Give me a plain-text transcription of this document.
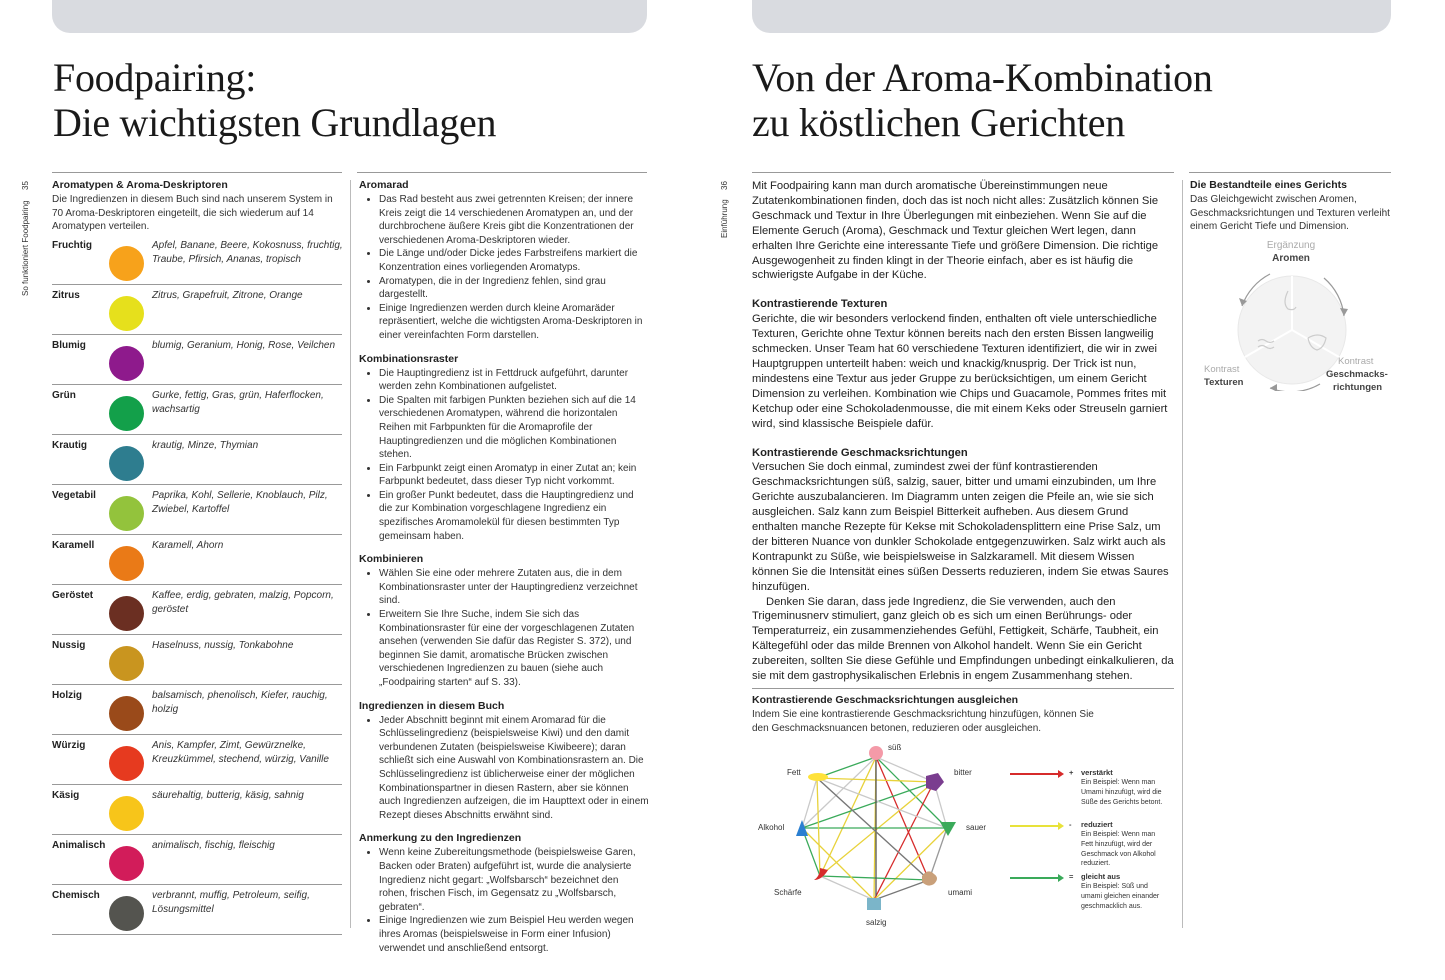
Foodpairing:
Die wichtigsten Grundlagen
35
So funktioniert Foodpairing
Aromatypen & Aroma-Deskriptoren
Die Ingredienzen in diesem Buch sind nach unserem System in 70 Aroma-Deskriptoren eingeteilt, die sich wiederum auf 14 Aromatypen verteilen.
Fruchtig	Apfel, Banane, Beere, Kokosnuss, fruchtig, Traube, Pfirsich, Ananas, tropisch
Zitrus	Zitrus, Grapefruit, Zitrone, Orange
Blumig	blumig, Geranium, Honig, Rose, Veilchen
Grün	Gurke, fettig, Gras, grün, Haferflocken, wachsartig
Krautig	krautig, Minze, Thymian
Vegetabil	Paprika, Kohl, Sellerie, Knoblauch, Pilz, Zwiebel, Kartoffel
Karamell	Karamell, Ahorn
Geröstet	Kaffee, erdig, gebraten, malzig, Popcorn, geröstet
Nussig	Haselnuss, nussig, Tonkabohne
Holzig	balsamisch, phenolisch, Kiefer, rauchig, holzig
Würzig	Anis, Kampfer, Zimt, Gewürznelke, Kreuzkümmel, stechend, würzig, Vanille
Käsig	säurehaltig, butterig, käsig, sahnig
Animalisch	animalisch, fischig, fleischig
Chemisch	verbrannt, muffig, Petroleum, seifig, Lösungsmittel
Aromarad
• Das Rad besteht aus zwei getrennten Kreisen; der innere Kreis zeigt die 14 verschiedenen Aromatypen an, und der durchbrochene äußere Kreis gibt die Konzentrationen der verschiedenen Aroma-Deskriptoren wieder.
• Die Länge und/oder Dicke jedes Farbstreifens markiert die Konzentration eines vorliegenden Aromatyps.
• Aromatypen, die in der Ingredienz fehlen, sind grau dargestellt.
• Einige Ingredienzen werden durch kleine Aromaräder repräsentiert, welche die wichtigsten Aroma-Deskriptoren in einer vereinfachten Form darstellen.
Kombinationsraster
• Die Hauptingredienz ist in Fettdruck aufgeführt, darunter werden zehn Kombinationen aufgelistet.
• Die Spalten mit farbigen Punkten beziehen sich auf die 14 verschiedenen Aromatypen, während die horizontalen Reihen mit Farbpunkten für die Aromaprofile der Hauptingredienzen und die möglichen Kombinationen stehen.
• Ein Farbpunkt zeigt einen Aromatyp in einer Zutat an; kein Farbpunkt bedeutet, dass dieser Typ nicht vorkommt.
• Ein großer Punkt bedeutet, dass die Hauptingredienz und die zur Kombination vorgeschlagene Ingredienz ein spezifisches Aromamolekül für diesen bestimmten Typ gemeinsam haben.
Kombinieren
• Wählen Sie eine oder mehrere Zutaten aus, die in dem Kombinationsraster unter der Hauptingredienz verzeichnet sind.
• Erweitern Sie Ihre Suche, indem Sie sich das Kombinationsraster für eine der vorgeschlagenen Zutaten ansehen (verwenden Sie dafür das Register S. 372), und beginnen Sie damit, aromatische Brücken zwischen verschiedenen Ingredienzen zu bauen (siehe auch „Foodpairing starten“ auf S. 33).
Ingredienzen in diesem Buch
• Jeder Abschnitt beginnt mit einem Aromarad für die Schlüsselingredienz (beispielsweise Kiwi) und den damit verbundenen Zutaten (beispielsweise Kiwibeere); daran schließt sich eine Auswahl von Kombinationsrastern an. Die Schlüsselingredienz ist üblicherweise einer der möglichen Kombinationspartner in diesen Rastern, aber sie können auch Ingredienzen aufzeigen, die im Haupttext oder in einem Rezept dieses Abschnitts erwähnt sind.
Anmerkung zu den Ingredienzen
• Wenn keine Zubereitungsmethode (beispielsweise Garen, Backen oder Braten) aufgeführt ist, wurde die analysierte Ingredienz nicht gegart: „Wolfsbarsch“ bezeichnet den rohen, frischen Fisch, im Gegensatz zu „Wolfsbarsch, gebraten“.
• Einige Ingredienzen wie zum Beispiel Heu werden wegen ihres Aromas (beispielsweise in Form einer Infusion) verwendet und anschließend entsorgt.
Von der Aroma-Kombination
zu köstlichen Gerichten
36
Einführung

Mit Foodpairing kann man durch aromatische Übereinstimmungen neue Zutatenkombinationen finden, doch das ist noch nicht alles: Zusätzlich können Sie Geschmack und Textur in Ihre Überlegungen mit einbeziehen. Wenn Sie auf die Elemente Geruch (Aroma), Geschmack und Textur gleichen Wert legen, dann erhalten Ihre Gerichte eine interessante Tiefe und größere Dimension. Die richtige Ausgewogenheit zu finden klingt in der Theorie einfach, aber es ist häufig die schwierigste Aufgabe in der Küche.

Kontrastierende Texturen

Gerichte, die wir besonders verlockend finden, enthalten oft viele unterschiedliche Texturen, Gerichte ohne Textur können bereits nach den ersten Bissen langweilig schmecken. Unser Team hat 60 verschiedene Texturen identifiziert, die wir in zwei Hauptgruppen unterteilt haben: weich und knackig/knusprig. Der Trick ist nun, mindestens eine Textur aus jeder Gruppe zu berücksichtigen, um einem Gericht Dimension zu verleihen. Kombination wie Chips und Guacamole, Pommes frites mit Ketchup oder eine Schokoladenmousse, die mit einem Keks oder Streuseln garniert wird, sind klassische Beispiele dafür.

Kontrastierende Geschmacksrichtungen

Versuchen Sie doch einmal, zumindest zwei der fünf kontrastierenden Geschmacksrichtungen süß, salzig, sauer, bitter und umami einzubinden, um Ihre Gerichte auszubalancieren. Im Diagramm unten zeigen die Pfeile an, wie sie sich ausgleichen. Salz kann zum Beispiel Bitterkeit aufheben. Aus diesem Grund enthalten manche Rezepte für Kekse mit Schokoladensplittern eine Prise Salz, um der bitteren Nuance von dunkler Schokolade entgegenzuwirken. Salz wirkt auch als Kontrapunkt zu Süße, wie beispielsweise in Salzkaramell. Mit diesem Wissen können Sie die Intensität eines süßen Desserts reduzieren, indem Sie etwas Saures hinzufügen.

Denken Sie daran, dass jede Ingredienz, die Sie verwenden, auch den Trigeminusnerv stimuliert, ganz gleich ob es sich um einen Berührungs- oder Temperaturreiz, ein zusammenziehendes Gefühl, Fettigkeit, Schärfe, Taubheit, ein Kältegefühl oder das milde Brennen von Alkohol handelt. Wenn Sie ein Gericht zubereiten, sollten Sie diese Gefühle und Empfindungen unbedingt einkalkulieren, da sie mit dem gastrophysikalischen Erlebnis in engem Zusammenhang stehen.

Die Bestandteile eines Gerichts
Das Gleichgewicht zwischen Aromen, Geschmacksrichtungen und Texturen verleiht einem Gericht Tiefe und Dimension.
Ergänzung
Aromen
Kontrast
Texturen
Kontrast
Geschmacks-
richtungen
Kontrastierende Geschmacksrichtungen ausgleichen
Indem Sie eine kontrastierende Geschmacksrichtung hinzufügen, können Sie den Geschmacksnuancen betonen, reduzieren oder ausgleichen.
süß
bitter
sauer
umami
salzig
Schärfe
Alkohol
Fett	+ verstärkt
Ein Beispiel: Wenn man Umami hinzufügt, wird die Süße des Gerichts betont.
- reduziert
Ein Beispiel: Wenn man Fett hinzufügt, wird der Geschmack von Alkohol reduziert.
= gleicht aus
Ein Beispiel: Süß und umami gleichen einander geschmacklich aus.
